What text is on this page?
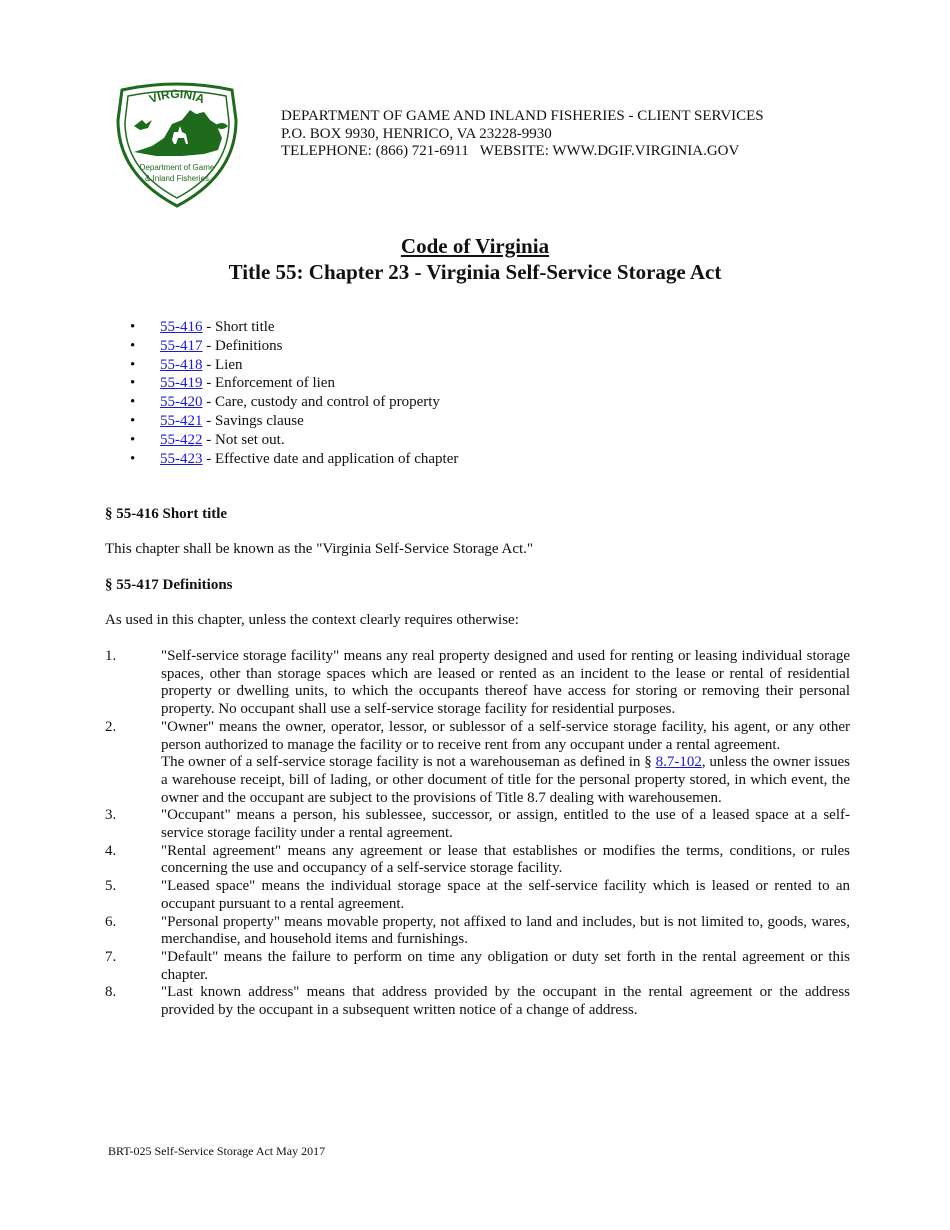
VIRGINIA
Department of Game
& Inland Fisheries
DEPARTMENT OF GAME AND INLAND FISHERIES - CLIENT SERVICES
P.O. BOX 9930, HENRICO, VA 23228-9930
TELEPHONE: (866) 721-6911   WEBSITE: WWW.DGIF.VIRGINIA.GOV
Code of Virginia
Title 55: Chapter 23 - Virginia Self-Service Storage Act
• 55-416 - Short title
• 55-417 - Definitions
• 55-418 - Lien
• 55-419 - Enforcement of lien
• 55-420 - Care, custody and control of property
• 55-421 - Savings clause
• 55-422 - Not set out.
• 55-423 - Effective date and application of chapter
§ 55-416 Short title
This chapter shall be known as the "Virginia Self-Service Storage Act."
§ 55-417 Definitions
As used in this chapter, unless the context clearly requires otherwise:
1.	"Self-service storage facility" means any real property designed and used for renting or leasing individual storage spaces, other than storage spaces which are leased or rented as an incident to the lease or rental of residential property or dwelling units, to which the occupants thereof have access for storing or removing their personal property. No occupant shall use a self-service storage facility for residential purposes.
2.	"Owner" means the owner, operator, lessor, or sublessor of a self-service storage facility, his agent, or any other person authorized to manage the facility or to receive rent from any occupant under a rental agreement.
The owner of a self-service storage facility is not a warehouseman as defined in § 8.7-102, unless the owner issues a warehouse receipt, bill of lading, or other document of title for the personal property stored, in which event, the owner and the occupant are subject to the provisions of Title 8.7 dealing with warehousemen.
3.	"Occupant" means a person, his sublessee, successor, or assign, entitled to the use of a leased space at a self-service storage facility under a rental agreement.
4.	"Rental agreement" means any agreement or lease that establishes or modifies the terms, conditions, or rules concerning the use and occupancy of a self-service storage facility.
5.	"Leased space" means the individual storage space at the self-service facility which is leased or rented to an occupant pursuant to a rental agreement.
6.	"Personal property" means movable property, not affixed to land and includes, but is not limited to, goods, wares, merchandise, and household items and furnishings.
7.	"Default" means the failure to perform on time any obligation or duty set forth in the rental agreement or this chapter.
8.	"Last known address" means that address provided by the occupant in the rental agreement or the address provided by the occupant in a subsequent written notice of a change of address.
BRT-025 Self-Service Storage Act May 2017
